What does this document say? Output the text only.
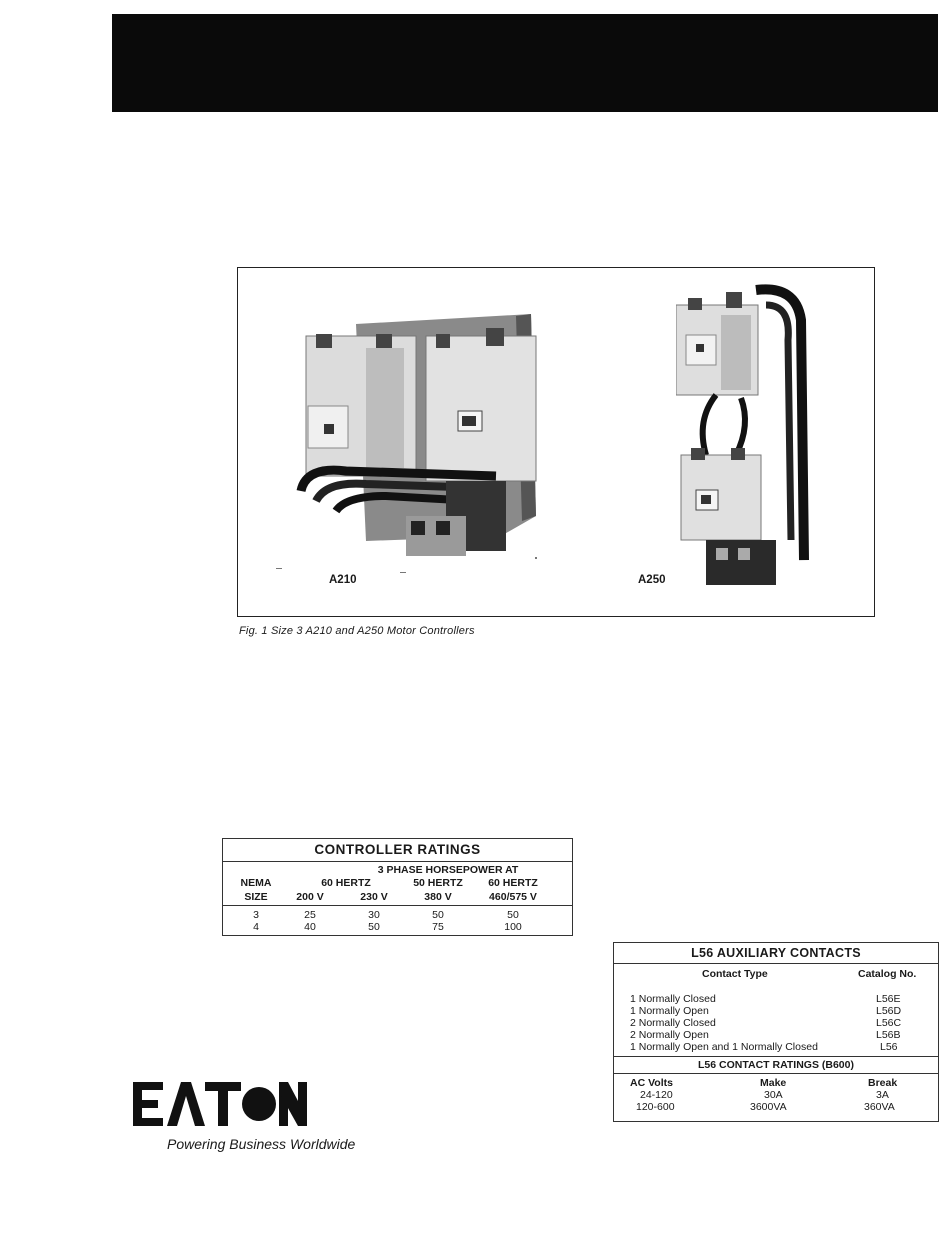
A210	A250
Fig. 1 Size 3 A210 and A250 Motor Controllers
CONTROLLER RATINGS
3 PHASE HORSEPOWER AT
NEMA
SIZE
60 HERTZ	50 HERTZ	60 HERTZ
200 V	230 V	380 V	460/575 V
3	25	30	50	50
4	40	50	75	100
L56 AUXILIARY CONTACTS
Contact Type	Catalog No.
1 Normally Closed	L56E
1 Normally Open	L56D
2 Normally Closed	L56C
2 Normally Open	L56B
1 Normally Open and 1 Normally Closed	L56
L56 CONTACT RATINGS (B600)
AC Volts	Make	Break
24-120	30A	3A
120-600	3600VA	360VA
Powering Business Worldwide
